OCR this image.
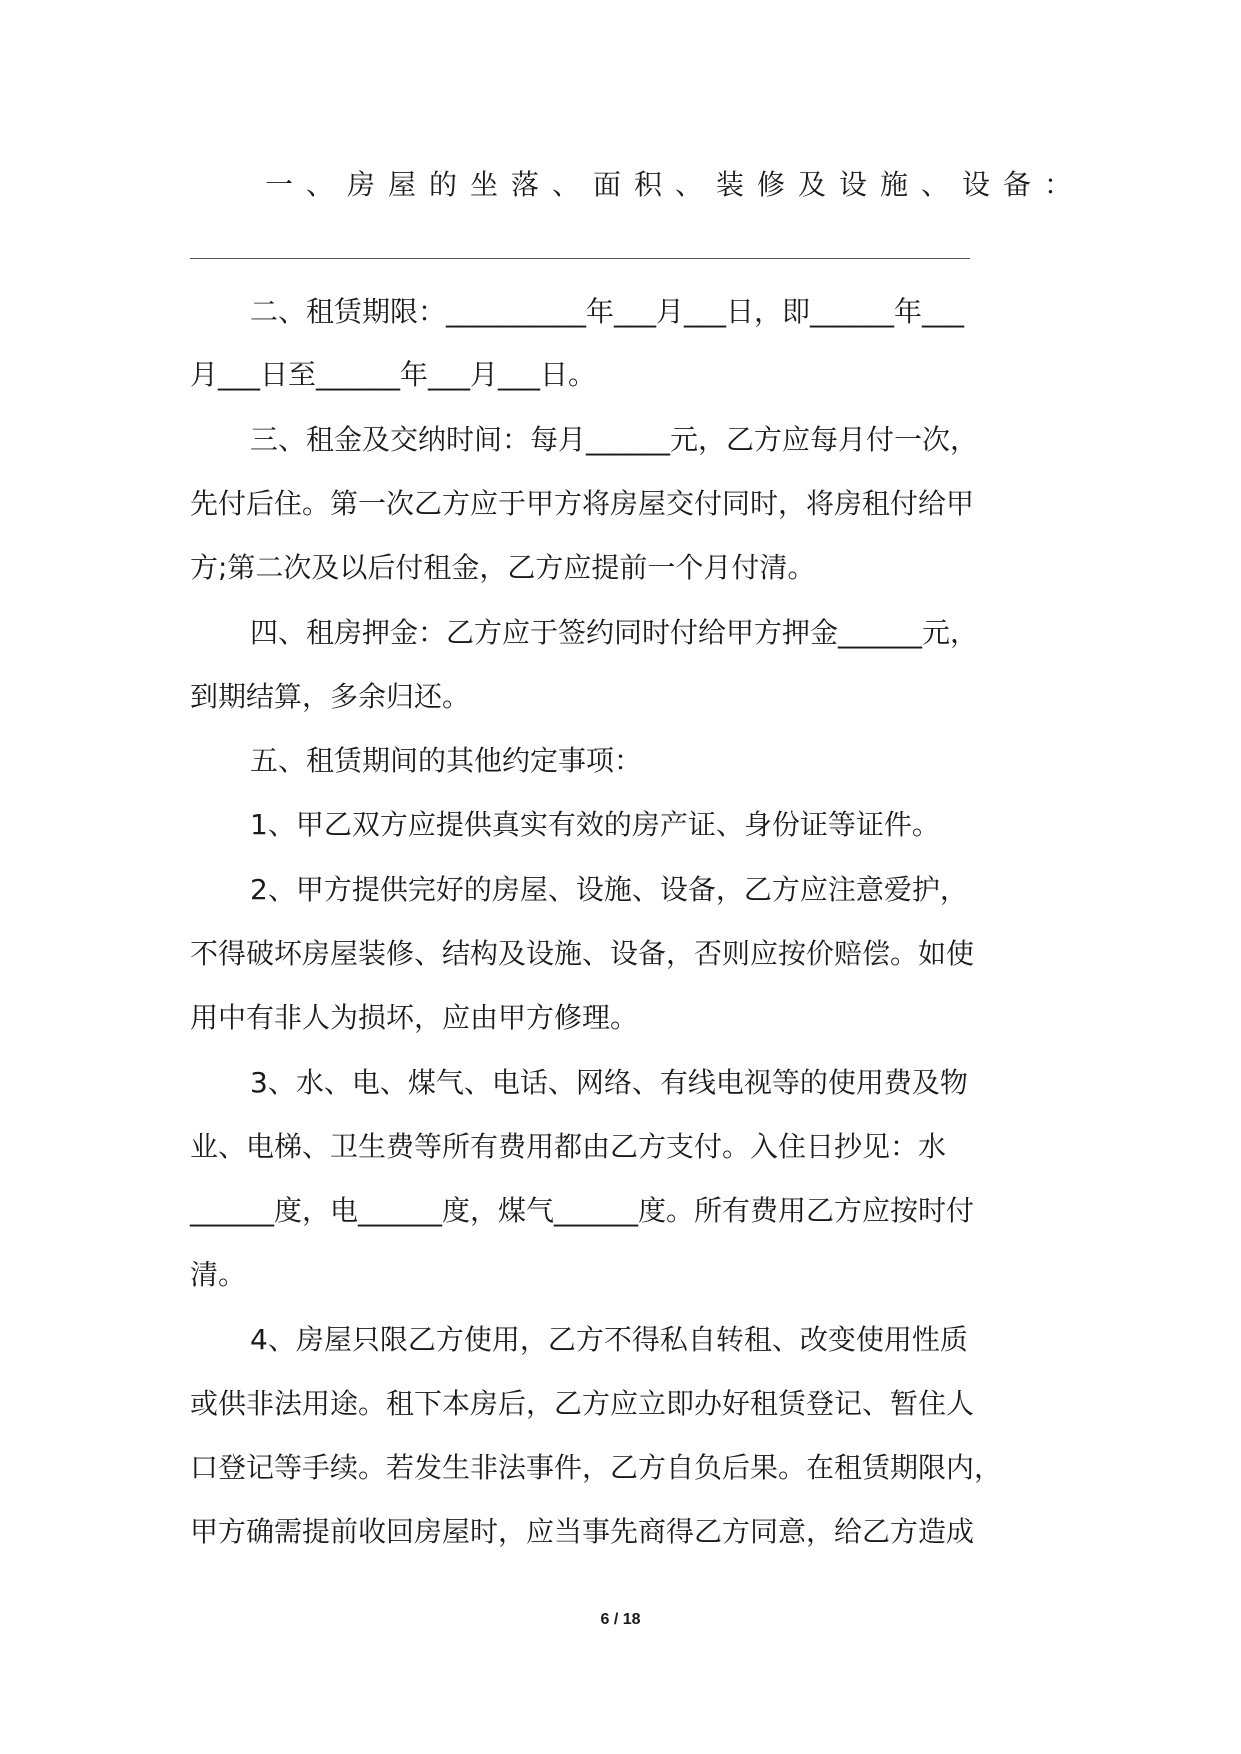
一、房屋的坐落、面积、装修及设施、设备：

二、租赁期限：__________年___月___日，即______年___

月___日至______年___月___日。

三、租金及交纳时间：每月______元，乙方应每月付一次，

先付后住。第一次乙方应于甲方将房屋交付同时，将房租付给甲

方;第二次及以后付租金，乙方应提前一个月付清。

四、租房押金：乙方应于签约同时付给甲方押金______元，

到期结算，多余归还。

五、租赁期间的其他约定事项：

1、甲乙双方应提供真实有效的房产证、身份证等证件。

2、甲方提供完好的房屋、设施、设备，乙方应注意爱护，

不得破坏房屋装修、结构及设施、设备，否则应按价赔偿。如使

用中有非人为损坏，应由甲方修理。

3、水、电、煤气、电话、网络、有线电视等的使用费及物

业、电梯、卫生费等所有费用都由乙方支付。入住日抄见：水

______度，电______度，煤气______度。所有费用乙方应按时付

清。

4、房屋只限乙方使用，乙方不得私自转租、改变使用性质

或供非法用途。租下本房后，乙方应立即办好租赁登记、暂住人

口登记等手续。若发生非法事件，乙方自负后果。在租赁期限内，

甲方确需提前收回房屋时，应当事先商得乙方同意，给乙方造成

6 / 18
